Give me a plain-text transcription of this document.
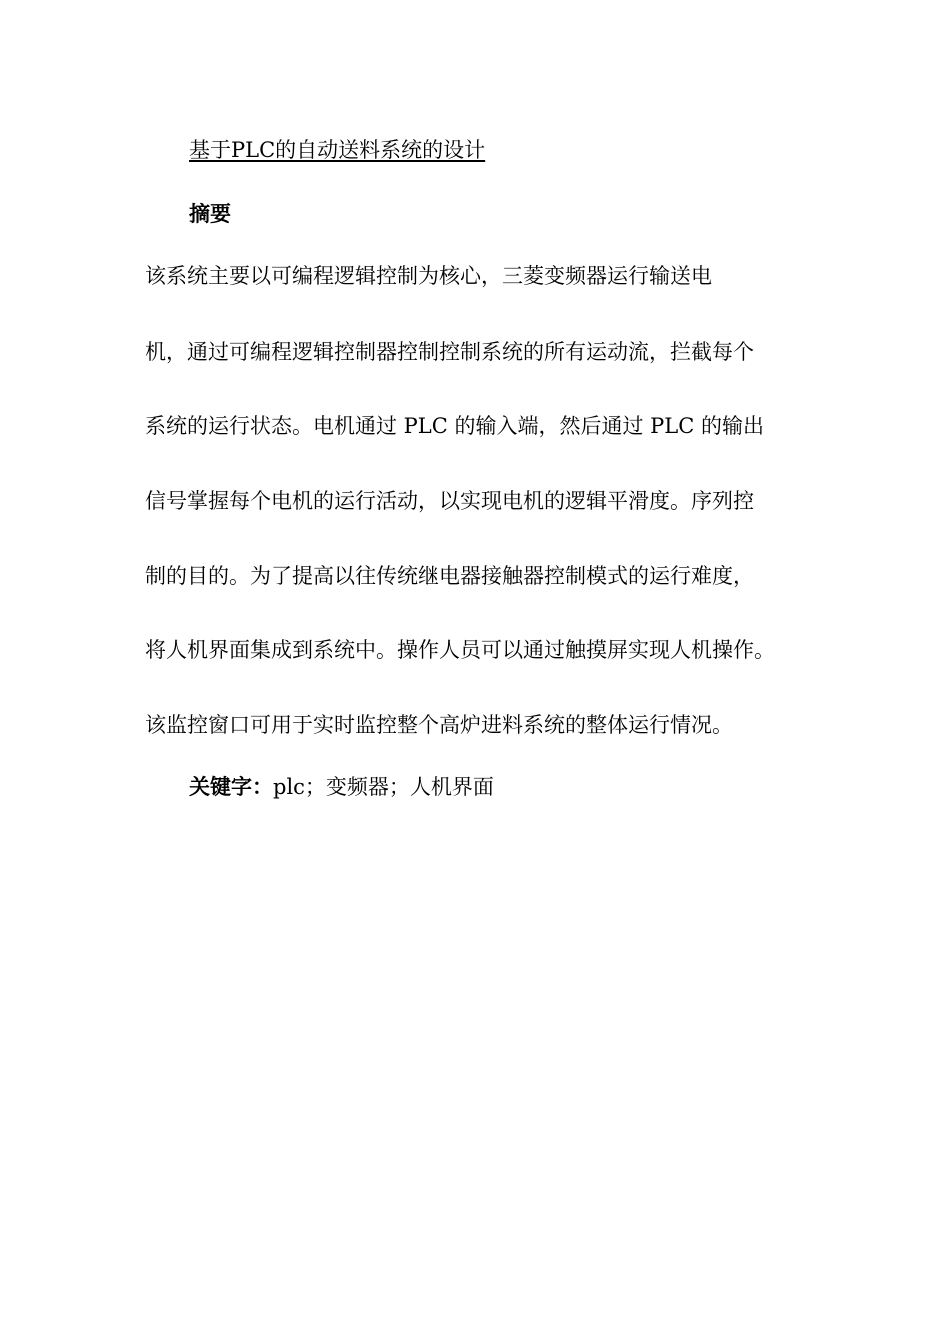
基于PLC的自动送料系统的设计
摘要
该系统主要以可编程逻辑控制为核心，三菱变频器运行输送电
机，通过可编程逻辑控制器控制控制系统的所有运动流，拦截每个
系统的运行状态。电机通过 PLC 的输入端，然后通过 PLC 的输出
信号掌握每个电机的运行活动，以实现电机的逻辑平滑度。序列控
制的目的。为了提高以往传统继电器接触器控制模式的运行难度，
将人机界面集成到系统中。操作人员可以通过触摸屏实现人机操作。
该监控窗口可用于实时监控整个高炉进料系统的整体运行情况。
关键字：plc；变频器；人机界面
